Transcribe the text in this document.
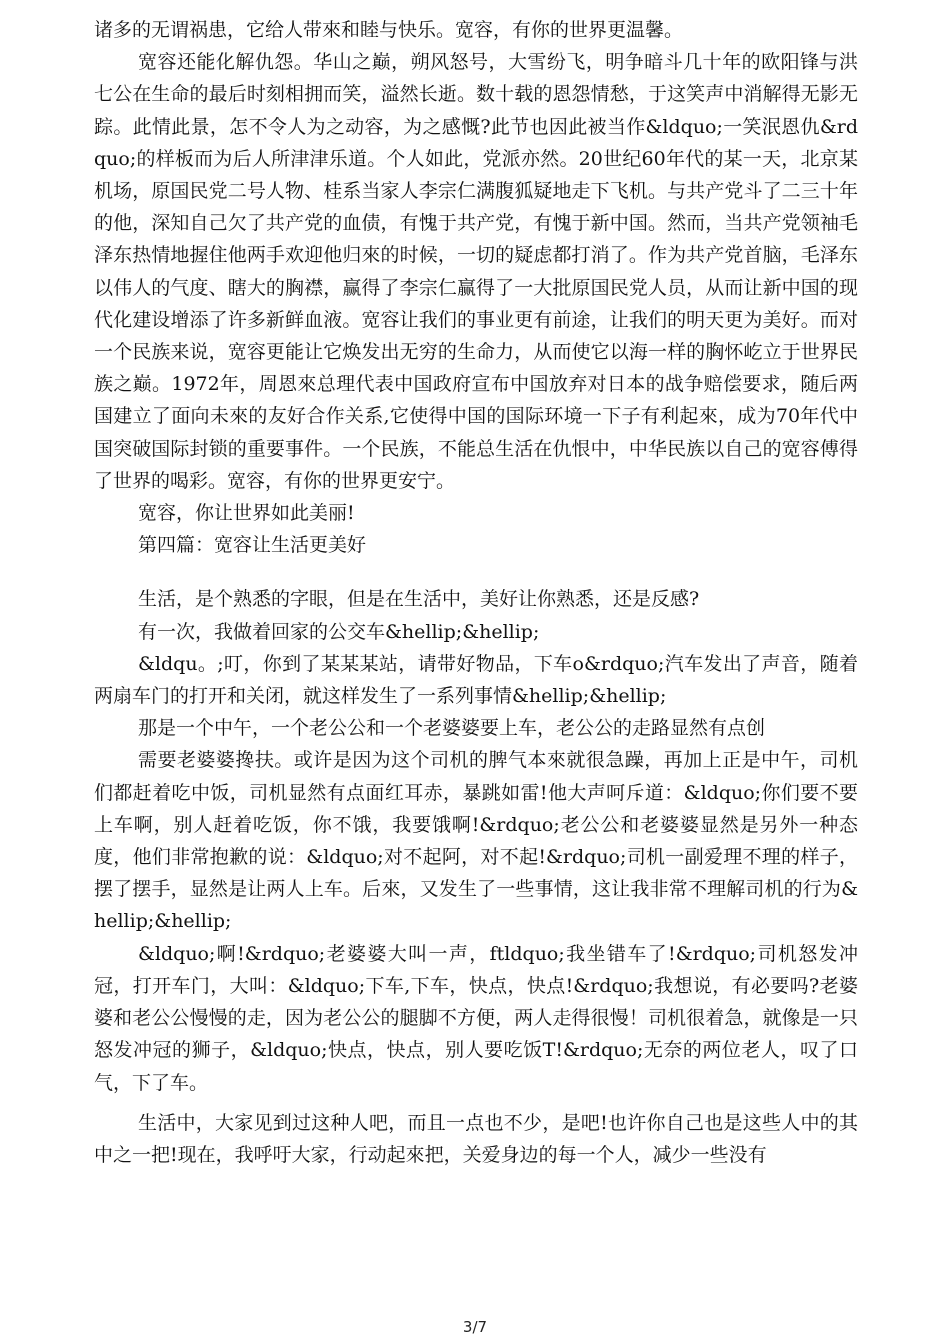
诸多的无谓祸患，它给人带來和睦与快乐。宽容，有你的世界更温馨。

宽容还能化解仇怨。华山之巅，朔风怒号，大雪纷飞，明争暗斗几十年的欧阳锋与洪七公在生命的最后时刻相拥而笑，溢然长逝。数十载的恩怨情愁，于这笑声中消解得无影无踪。此情此景，怎不令人为之动容，为之感慨?此节也因此被当作&ldquo;一笑泯恩仇&rdquo;的样板而为后人所津津乐道。个人如此，党派亦然。20世纪60年代的某一天，北京某机场，原国民党二号人物、桂系当家人李宗仁满腹狐疑地走下飞机。与共产党斗了二三十年的他，深知自己欠了共产党的血债，有愧于共产党，有愧于新中国。然而，当共产党领袖毛泽东热情地握住他两手欢迎他归來的时候，一切的疑虑都打消了。作为共产党首脑，毛泽东以伟人的气度、瞎大的胸襟，赢得了李宗仁赢得了一大批原国民党人员，从而让新中国的现代化建设增添了许多新鲜血液。宽容让我们的事业更有前途，让我们的明天更为美好。而对一个民族来说，宽容更能让它焕发出无穷的生命力，从而使它以海一样的胸怀屹立于世界民族之巅。1972年，周恩來总理代表中国政府宣布中国放弃对日本的战争赔偿要求，随后两国建立了面向未來的友好合作关系,它使得中国的国际环境一下子有利起來，成为70年代中国突破国际封锁的重要事件。一个民族，不能总生活在仇恨中，中华民族以自己的宽容傅得了世界的喝彩。宽容，有你的世界更安宁。

宽容，你让世界如此美丽!

第四篇：宽容让生活更美好

生活，是个熟悉的字眼，但是在生活中，美好让你熟悉，还是反感?

有一次，我做着回家的公交车&hellip;&hellip;

&ldqu。;叮，你到了某某某站，请带好物品，下车o&rdquo;汽车发出了声音，随着两扇车门的打开和关闭，就这样发生了一系列事情&hellip;&hellip;

那是一个中午，一个老公公和一个老婆婆要上车，老公公的走路显然有点创

需要老婆婆搀扶。或许是因为这个司机的脾气本來就很急躁，再加上正是中午，司机们都赶着吃中饭，司机显然有点面红耳赤，暴跳如雷!他大声呵斥道：&ldquo;你们要不要上车啊，别人赶着吃饭，你不饿，我要饿啊!&rdquo;老公公和老婆婆显然是另外一种态度，他们非常抱歉的说：&ldquo;对不起阿，对不起!&rdquo;司机一副爱理不理的样子，摆了摆手，显然是让两人上车。后來，又发生了一些事情，这让我非常不理解司机的行为&hellip;&hellip;

&ldquo;啊!&rdquo;老婆婆大叫一声，ftldquo;我坐错车了!&rdquo;司机怒发冲冠，打开车门，大叫：&ldquo;下车,下车，快点，快点!&rdquo;我想说，有必要吗?老婆婆和老公公慢慢的走，因为老公公的腿脚不方便，两人走得很慢！司机很着急，就像是一只怒发冲冠的狮子，&ldquo;快点，快点，别人要吃饭T!&rdquo;无奈的两位老人，叹了口气，下了车。

生活中，大家见到过这种人吧，而且一点也不少，是吧!也许你自己也是这些人中的其中之一把!现在，我呼吁大家，行动起來把，关爱身边的每一个人，减少一些没有

3/7
